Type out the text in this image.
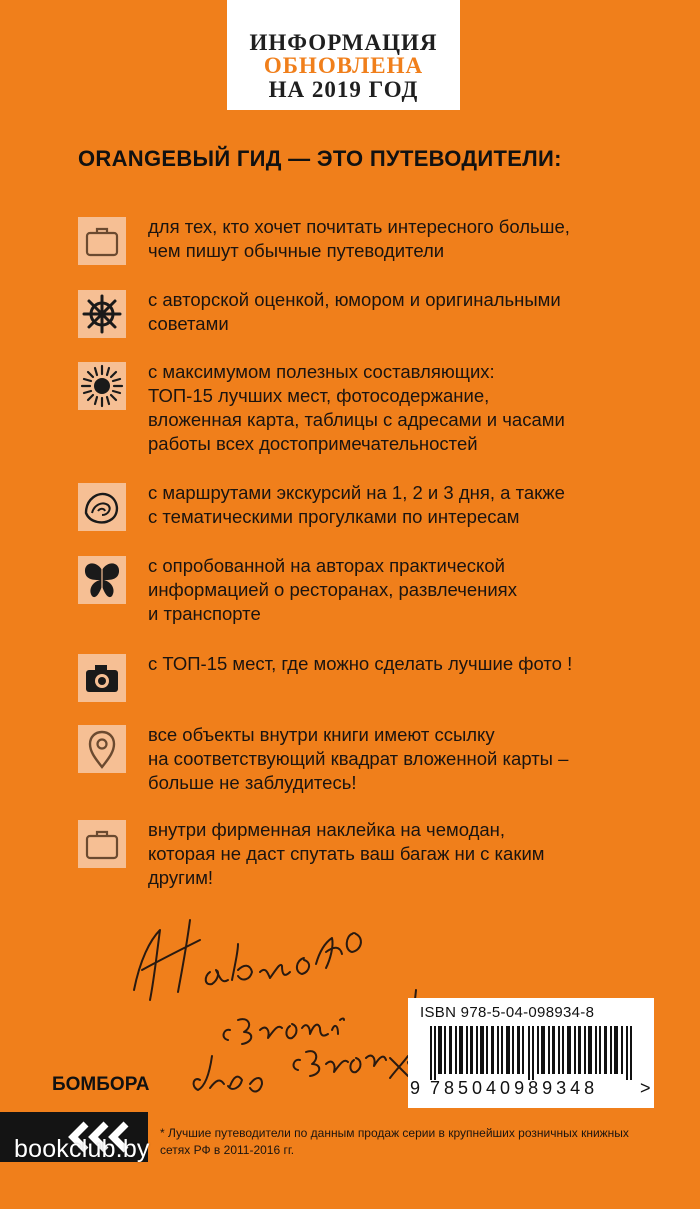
ИНФОРМАЦИЯ
ОБНОВЛЕНА
НА 2019 ГОД
ORANGEВЫЙ ГИД — ЭТО ПУТЕВОДИТЕЛИ:
для тех, кто хочет почитать интересного больше,
чем пишут обычные путеводители
с авторской оценкой, юмором и оригинальными
советами
с максимумом полезных составляющих:
ТОП-15 лучших мест, фотосодержание,
вложенная карта, таблицы с адресами и часами
работы всех достопримечательностей
с маршрутами экскурсий на 1, 2 и 3 дня, а также
с тематическими прогулками по интересам
с опробованной на авторах практической
информацией о ресторанах, развлечениях
и транспорте
с ТОП-15 мест, где можно сделать лучшие фото !
все объекты внутри книги имеют ссылку
на соответствующий квадрат вложенной карты –
больше не заблудитесь!
внутри фирменная наклейка на чемодан,
которая не даст спутать ваш багаж ни с каким
другим!
ISBN 978-5-04-098934-8
9 785040989348 >
БОМБОРА
* Лучшие путеводители по данным продаж серии в крупнейших розничных книжных сетях РФ в 2011-2016 гг.
bookclub.by
